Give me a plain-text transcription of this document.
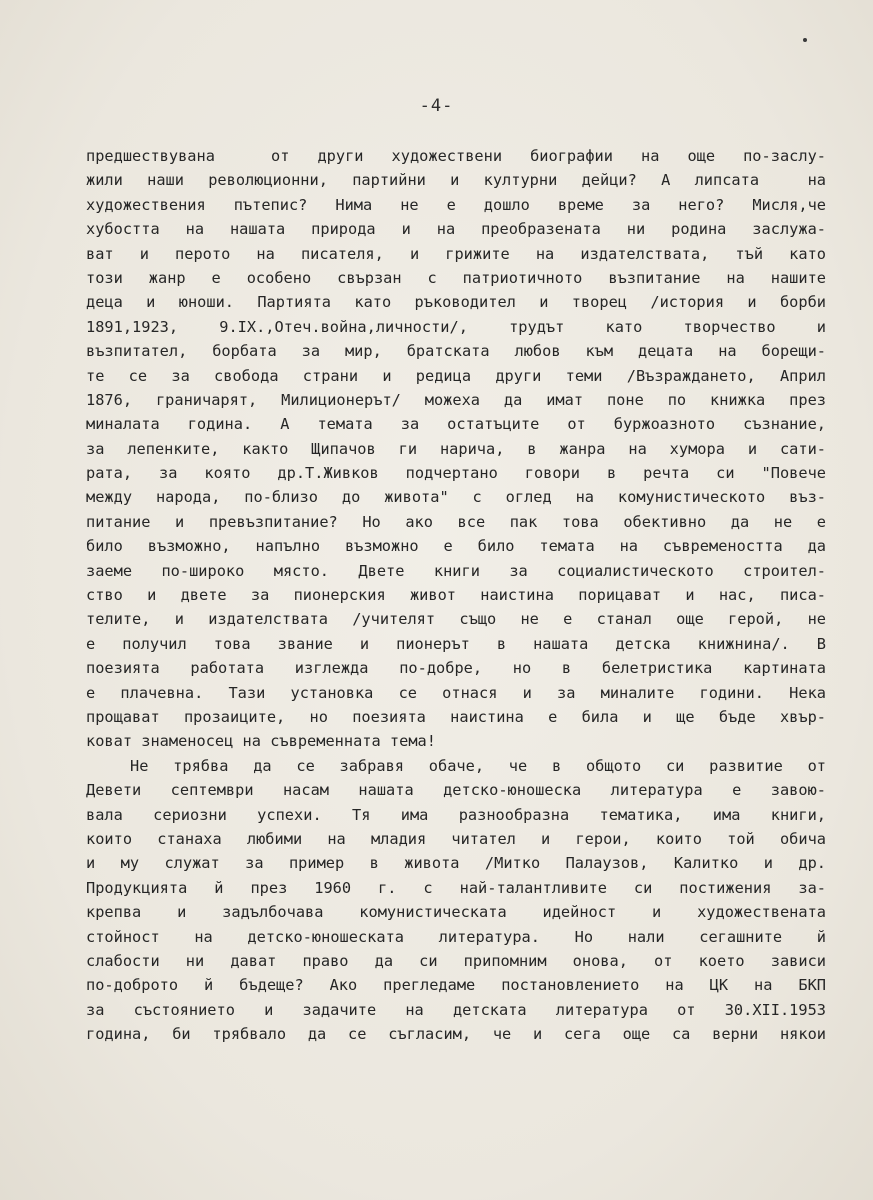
-4-
предшествувана  от други художествени биографии на още по-заслу-
жили наши революционни, партийни и културни дейци? А липсата  на
художествения пътепис? Нима не е дошло време за него? Мисля,че
хубостта на нашата природа и на преобразената ни родина заслужа-
ват и перото на писателя, и грижите на издателствата, тъй като
този жанр е особено свързан с патриотичното възпитание на нашите
деца и юноши. Партията като ръководител и творец /история и борби
1891,1923, 9.IX.,Отеч.война,личности/, трудът като творчество и
възпитател, борбата за мир, братската любов към децата на борещи-
те се за свобода страни и редица други теми /Възраждането, Април
1876, граничарят, Милиционерът/ можеха да имат поне по книжка през
миналата година. А темата за остатъците от буржоазното съзнание,
за лепенките, както Щипачов ги нарича, в жанра на хумора и сати-
рата, за която др.Т.Живков подчертано говори в речта си "Повече
между народа, по-близо до живота" с оглед на комунистическото въз-
питание и превъзпитание? Но ако все пак това обективно да не е
било възможно, напълно възможно е било темата на съвремеността да
заеме по-широко място. Двете книги за социалистическото строител-
ство и двете за пионерския живот наистина порицават и нас, писа-
телите, и издателствата /учителят също не е станал още герой, не
е получил това звание и пионерът в нашата детска книжнина/. В
поезията работата изглежда по-добре, но в белетристика картината
е плачевна. Тази установка се отнася и за миналите години. Нека
прощават прозаиците, но поезията наистина е била и ще бъде хвър-
коват знаменосец на съвременната тема!
Не трябва да се забравя обаче, че в общото си развитие от
Девети септември насам нашата детско-юношеска литература е завою-
вала сериозни успехи. Тя има разнообразна тематика, има книги,
които станаха любими на младия читател и герои, които той обича
и му служат за пример в живота /Митко Палаузов, Калитко и др.
Продукцията й през 1960 г. с най-талантливите си постижения за-
крепва и задълбочава комунистическата идейност и художествената
стойност на детско-юношеската литература. Но нали сегашните й
слабости ни дават право да си припомним онова, от което зависи
по-доброто й бъдеще? Ако прегледаме постановлението на ЦК на БКП
за състоянието и задачите на детската литература от 30.XII.1953
година, би трябвало да се съгласим, че и сега още са верни някои
